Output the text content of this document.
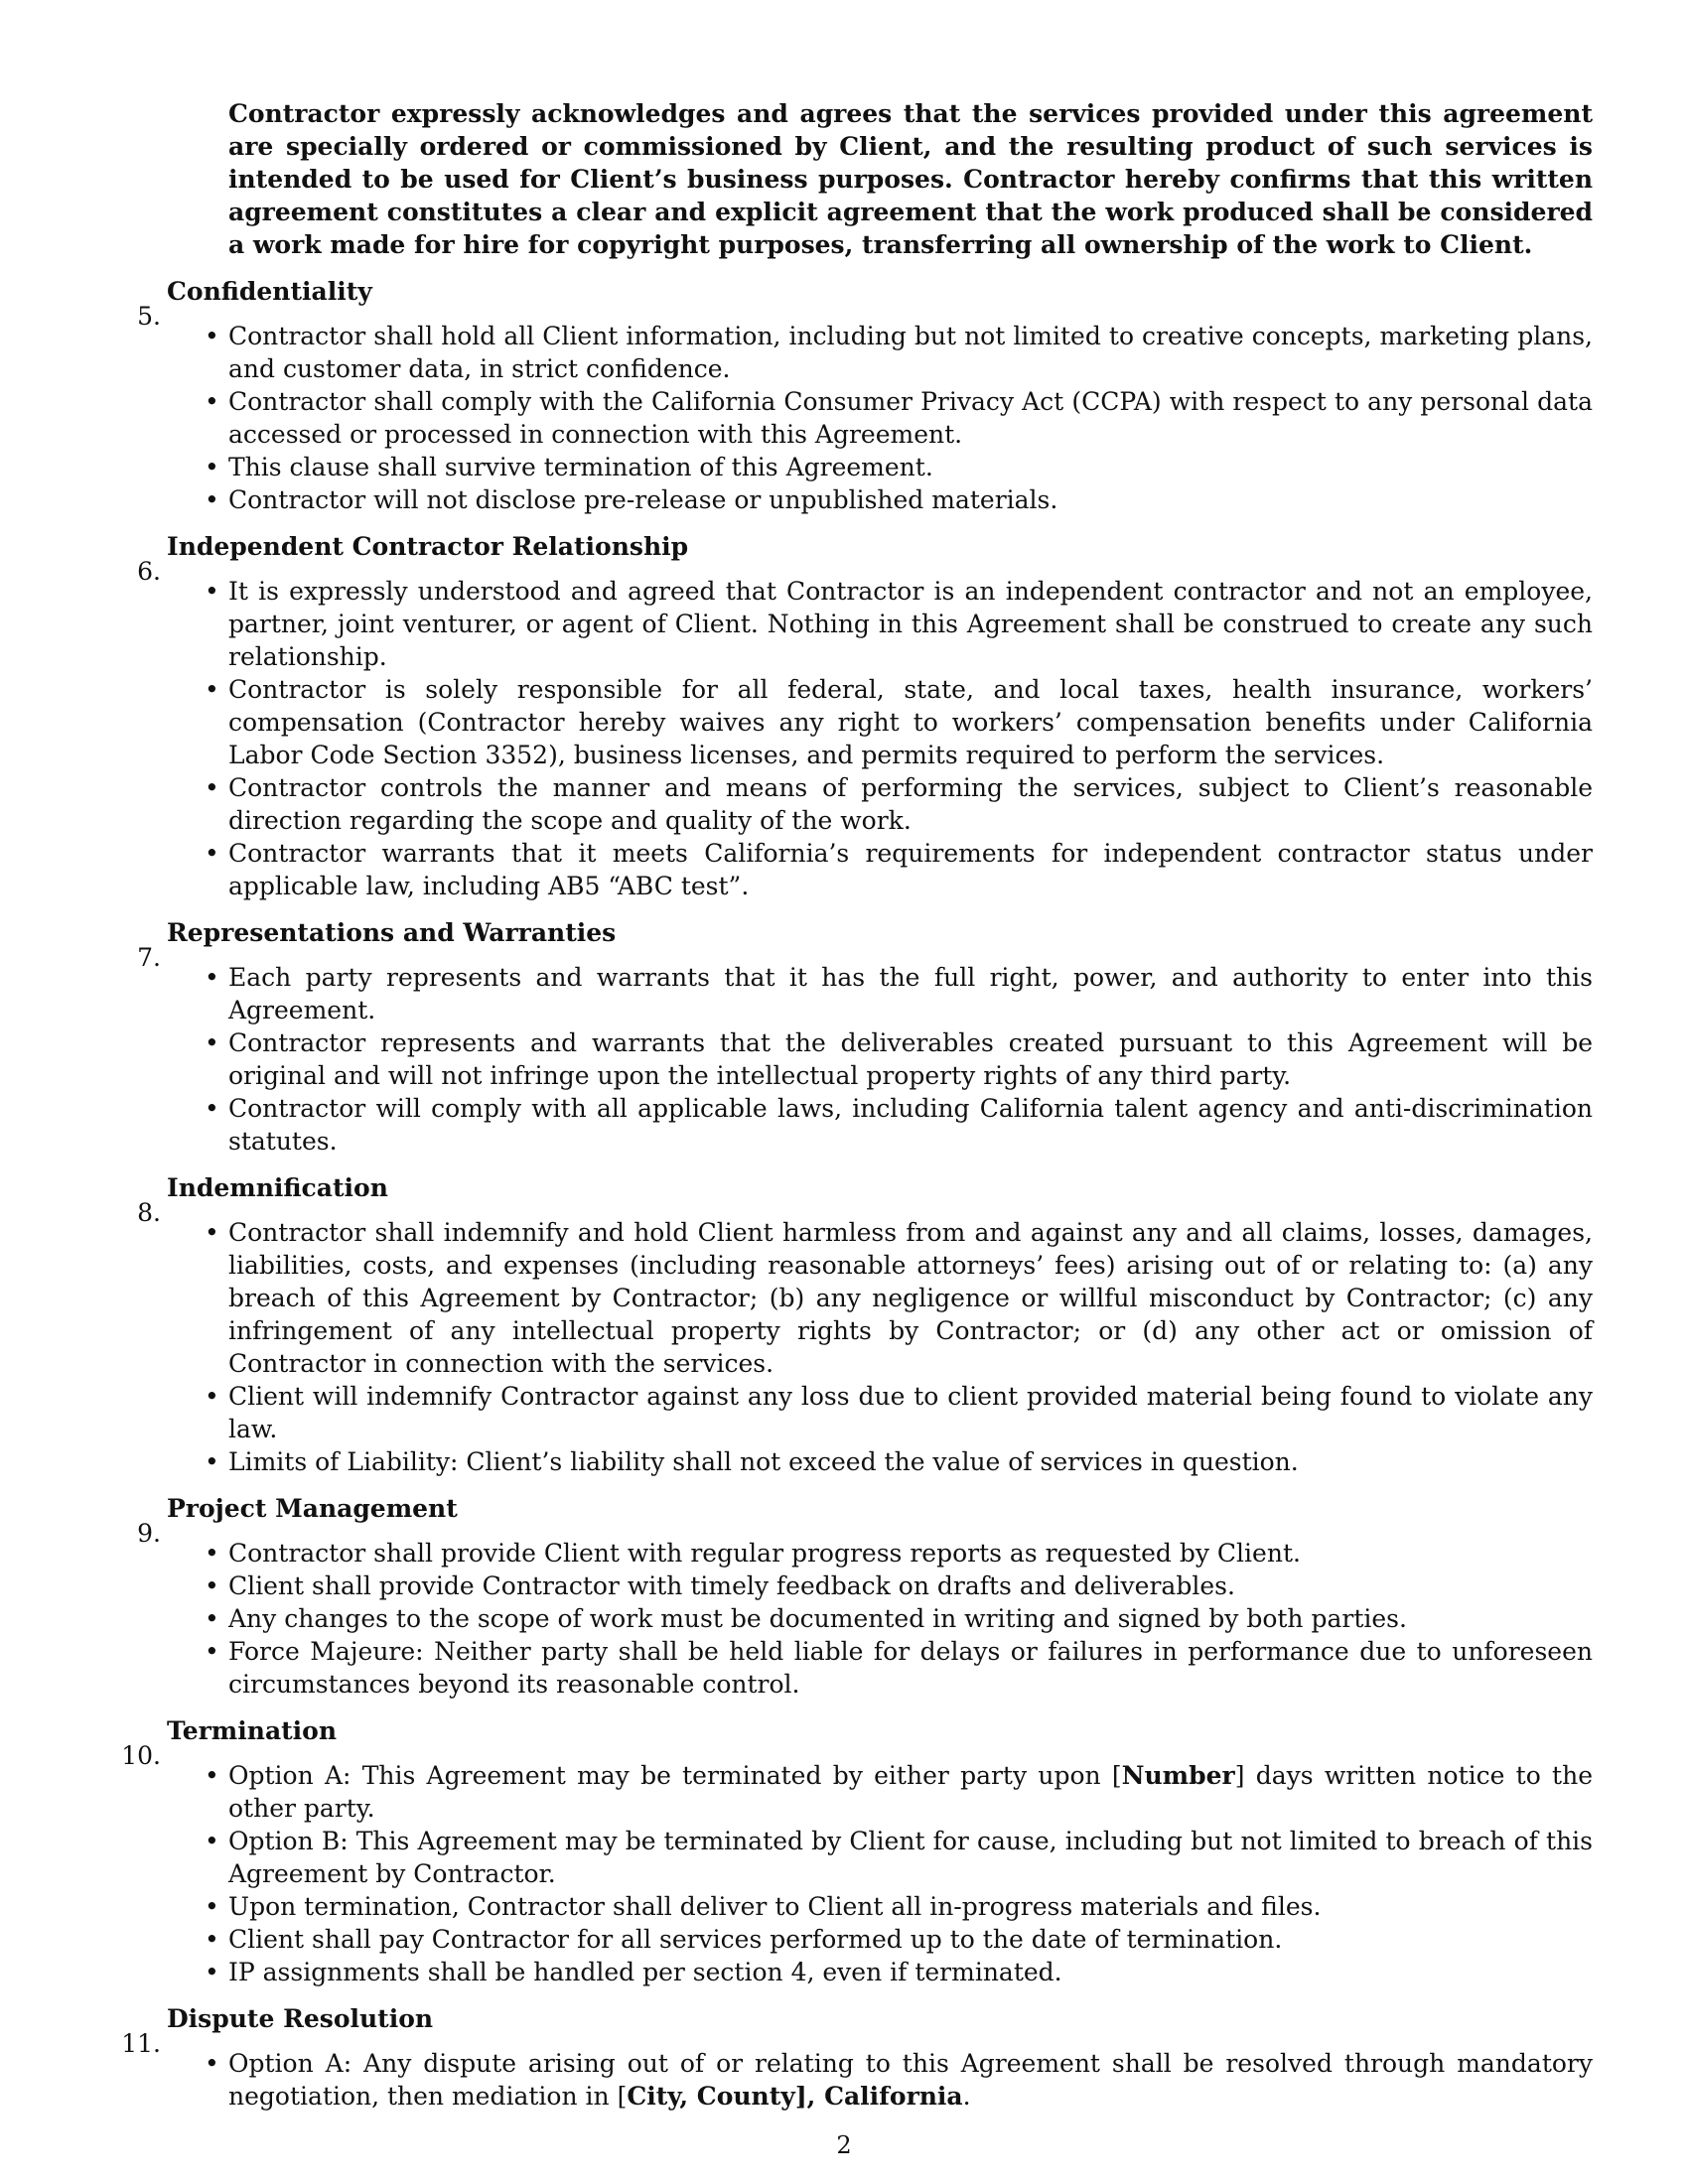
Contractor expressly acknowledges and agrees that the services provided under this agreement are specially ordered or commissioned by Client, and the resulting product of such services is intended to be used for Client’s business purposes. Contractor hereby confirms that this written agreement constitutes a clear and explicit agreement that the work produced shall be considered a work made for hire for copyright purposes, transferring all ownership of the work to Client.

5.
Confidentiality
• Contractor shall hold all Client information, including but not limited to creative concepts, marketing plans, and customer data, in strict confidence.
• Contractor shall comply with the California Consumer Privacy Act (CCPA) with respect to any personal data accessed or processed in connection with this Agreement.
• This clause shall survive termination of this Agreement.
• Contractor will not disclose pre-release or unpublished materials.
6.
Independent Contractor Relationship
• It is expressly understood and agreed that Contractor is an independent contractor and not an employee, partner, joint venturer, or agent of Client. Nothing in this Agreement shall be construed to create any such relationship.
• Contractor is solely responsible for all federal, state, and local taxes, health insurance, workers’ compensation (Contractor hereby waives any right to workers’ compensation benefits under California Labor Code Section 3352), business licenses, and permits required to perform the services.
• Contractor controls the manner and means of performing the services, subject to Client’s reasonable direction regarding the scope and quality of the work.
• Contractor warrants that it meets California’s requirements for independent contractor status under applicable law, including AB5 “ABC test”.
7.
Representations and Warranties
• Each party represents and warrants that it has the full right, power, and authority to enter into this Agreement.
• Contractor represents and warrants that the deliverables created pursuant to this Agreement will be original and will not infringe upon the intellectual property rights of any third party.
• Contractor will comply with all applicable laws, including California talent agency and anti-discrimination statutes.
8.
Indemnification
• Contractor shall indemnify and hold Client harmless from and against any and all claims, losses, damages, liabilities, costs, and expenses (including reasonable attorneys’ fees) arising out of or relating to: (a) any breach of this Agreement by Contractor; (b) any negligence or willful misconduct by Contractor; (c) any infringement of any intellectual property rights by Contractor; or (d) any other act or omission of Contractor in connection with the services.
• Client will indemnify Contractor against any loss due to client provided material being found to violate any law.
• Limits of Liability: Client’s liability shall not exceed the value of services in question.
9.
Project Management
• Contractor shall provide Client with regular progress reports as requested by Client.
• Client shall provide Contractor with timely feedback on drafts and deliverables.
• Any changes to the scope of work must be documented in writing and signed by both parties.
• Force Majeure: Neither party shall be held liable for delays or failures in performance due to unforeseen circumstances beyond its reasonable control.
10.
Termination
• Option A: This Agreement may be terminated by either party upon [Number] days written notice to the other party.
• Option B: This Agreement may be terminated by Client for cause, including but not limited to breach of this Agreement by Contractor.
• Upon termination, Contractor shall deliver to Client all in-progress materials and files.
• Client shall pay Contractor for all services performed up to the date of termination.
• IP assignments shall be handled per section 4, even if terminated.
11.
Dispute Resolution
• Option A: Any dispute arising out of or relating to this Agreement shall be resolved through mandatory negotiation, then mediation in [City, County], California.
2
